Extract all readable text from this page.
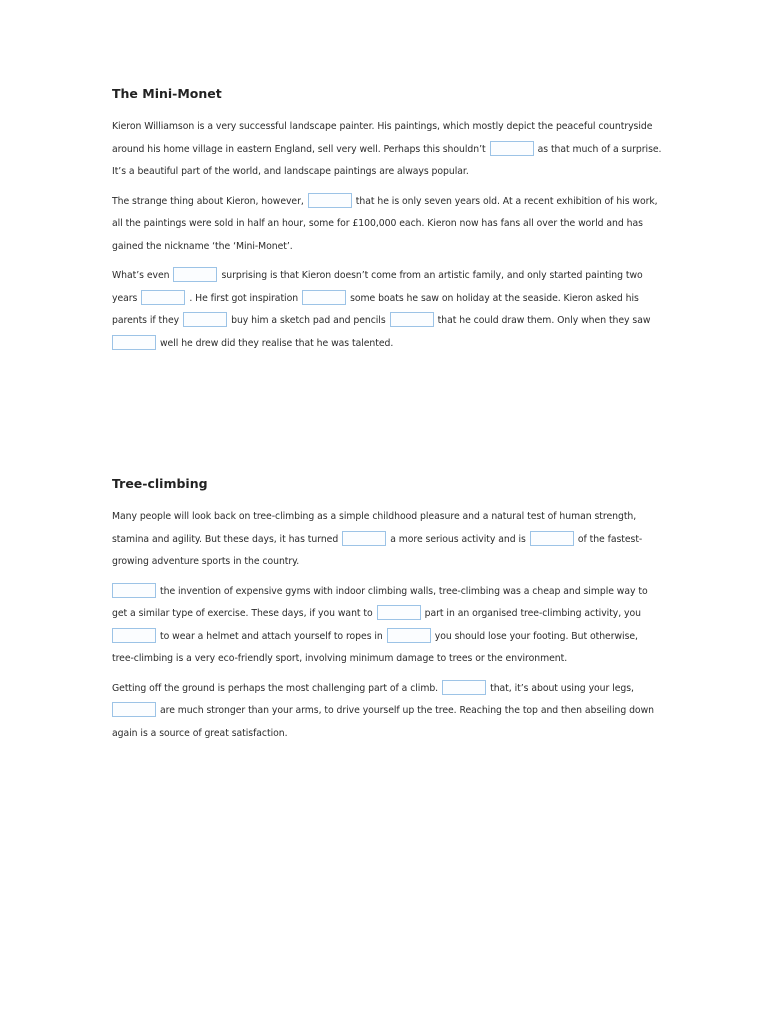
The Mini-Monet
Kieron Williamson is a very successful landscape painter. His paintings, which mostly depict the peaceful countryside
around his home village in eastern England, sell very well. Perhaps this shouldn’t	as that much of a surprise.
It’s a beautiful part of the world, and landscape paintings are always popular.
The strange thing about Kieron, however,	that he is only seven years old. At a recent exhibition of his work,
all the paintings were sold in half an hour, some for £100,000 each. Kieron now has fans all over the world and has
gained the nickname ‘the ‘Mini-Monet’.
What’s even	surprising is that Kieron doesn’t come from an artistic family, and only started painting two
years	. He first got inspiration	some boats he saw on holiday at the seaside. Kieron asked his
parents if they	buy him a sketch pad and pencils	that he could draw them. Only when they saw
well he drew did they realise that he was talented.
Tree-climbing
Many people will look back on tree-climbing as a simple childhood pleasure and a natural test of human strength,
stamina and agility. But these days, it has turned	a more serious activity and is	of the fastest-
growing adventure sports in the country.
the invention of expensive gyms with indoor climbing walls, tree-climbing was a cheap and simple way to
get a similar type of exercise. These days, if you want to	part in an organised tree-climbing activity, you
to wear a helmet and attach yourself to ropes in	you should lose your footing. But otherwise,
tree-climbing is a very eco-friendly sport, involving minimum damage to trees or the environment.
Getting off the ground is perhaps the most challenging part of a climb.	that, it’s about using your legs,
are much stronger than your arms, to drive yourself up the tree. Reaching the top and then abseiling down
again is a source of great satisfaction.
